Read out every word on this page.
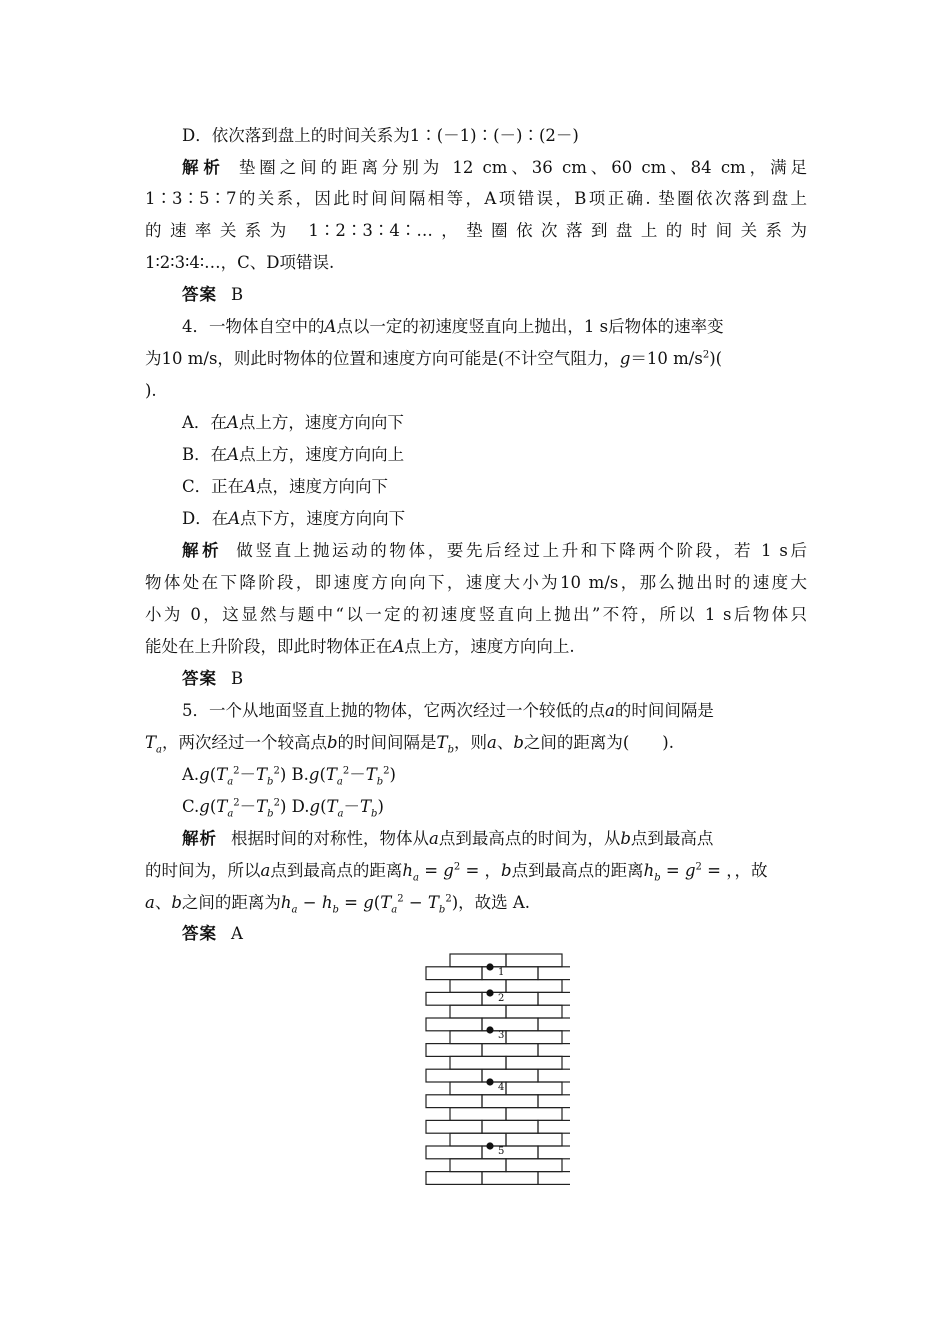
D．依次落到盘上的时间关系为1∶(－1)∶(－)∶(2－)
解析 垫圈之间的距离分别为 12 cm、36 cm、60 cm、84 cm，满足
1∶3∶5∶7的关系，因此时间间隔相等，A项错误，B项正确. 垫圈依次落到盘上
的速率关系为 1∶2∶3∶4∶…，垫圈依次落到盘上的时间关系为
1∶2∶3∶4∶…，C、D项错误.
答案 B
4．一物体自空中的A点以一定的初速度竖直向上抛出，1 s后物体的速率变
为10 m/s，则此时物体的位置和速度方向可能是(不计空气阻力，g＝10 $m/s^2$)(
).
A．在A点上方，速度方向向下
B．在A点上方，速度方向向上
C．正在A点，速度方向向下
D．在A点下方，速度方向向下
解析 做竖直上抛运动的物体，要先后经过上升和下降两个阶段，若 1 s后
物体处在下降阶段，即速度方向向下，速度大小为10 m/s，那么抛出时的速度大
小为 0，这显然与题中“以一定的初速度竖直向上抛出”不符，所以 1 s后物体只
能处在上升阶段，即此时物体正在A点上方，速度方向向上.
答案 B
5．一个从地面竖直上抛的物体，它两次经过一个较低的点a的时间间隔是
$T_a$，两次经过一个较高点b的时间间隔是$T_b$，则a、b之间的距离为(　　).
$A.g(T_a^2-T_b^2)$ $B.g(T_a^2-T_b^2)$
$C.g(T_a^2-T_b^2)$ $D.g(T_a-T_b)$
解析 根据时间的对称性，物体从a点到最高点的时间为，从b点到最高点
的时间为，所以a点到最高点的距离$h_a = g^2$ = ，b点到最高点的距离$h_b = g^2$ = ，，故
a、b之间的距离为$h_a - h_b = g(T_a^2 - T_b^2)$，故选 A.
答案 A
1
2
3
4
5
